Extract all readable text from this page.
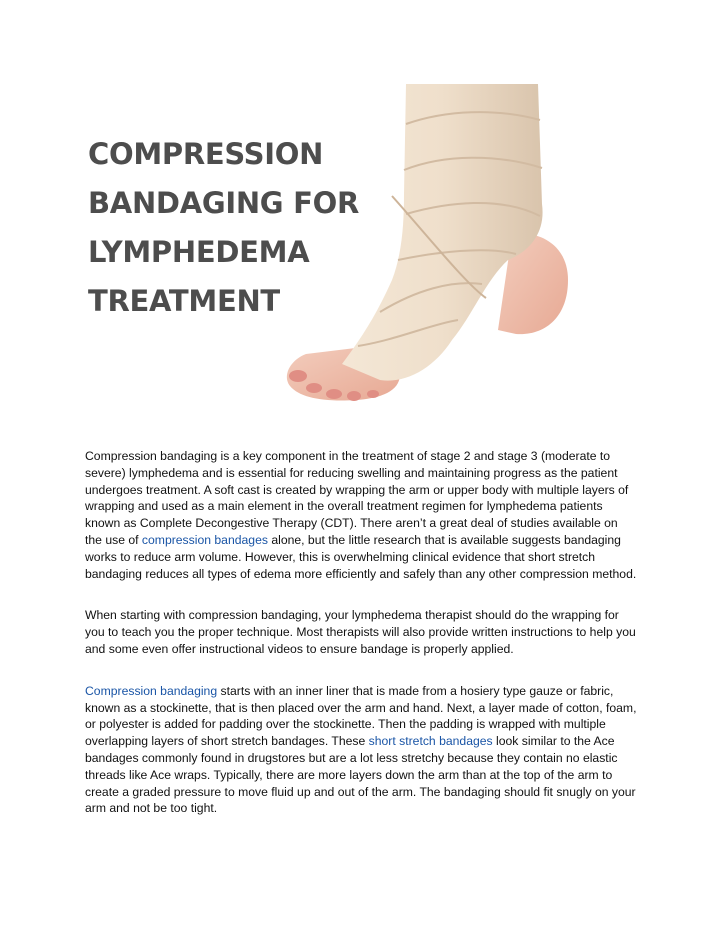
COMPRESSION
BANDAGING FOR
LYMPHEDEMA
TREATMENT

Compression bandaging is a key component in the treatment of stage 2 and stage 3 (moderate to severe) lymphedema and is essential for reducing swelling and maintaining progress as the patient undergoes treatment. A soft cast is created by wrapping the arm or upper body with multiple layers of wrapping and used as a main element in the overall treatment regimen for lymphedema patients known as Complete Decongestive Therapy (CDT). There aren’t a great deal of studies available on the use of compression bandages alone, but the little research that is available suggests bandaging works to reduce arm volume. However, this is overwhelming clinical evidence that short stretch bandaging reduces all types of edema more efficiently and safely than any other compression method.

When starting with compression bandaging, your lymphedema therapist should do the wrapping for you to teach you the proper technique. Most therapists will also provide written instructions to help you and some even offer instructional videos to ensure bandage is properly applied.

Compression bandaging starts with an inner liner that is made from a hosiery type gauze or fabric, known as a stockinette, that is then placed over the arm and hand. Next, a layer made of cotton, foam, or polyester is added for padding over the stockinette. Then the padding is wrapped with multiple overlapping layers of short stretch bandages. These short stretch bandages look similar to the Ace bandages commonly found in drugstores but are a lot less stretchy because they contain no elastic threads like Ace wraps. Typically, there are more layers down the arm than at the top of the arm to create a graded pressure to move fluid up and out of the arm. The bandaging should fit snugly on your arm and not be too tight.
